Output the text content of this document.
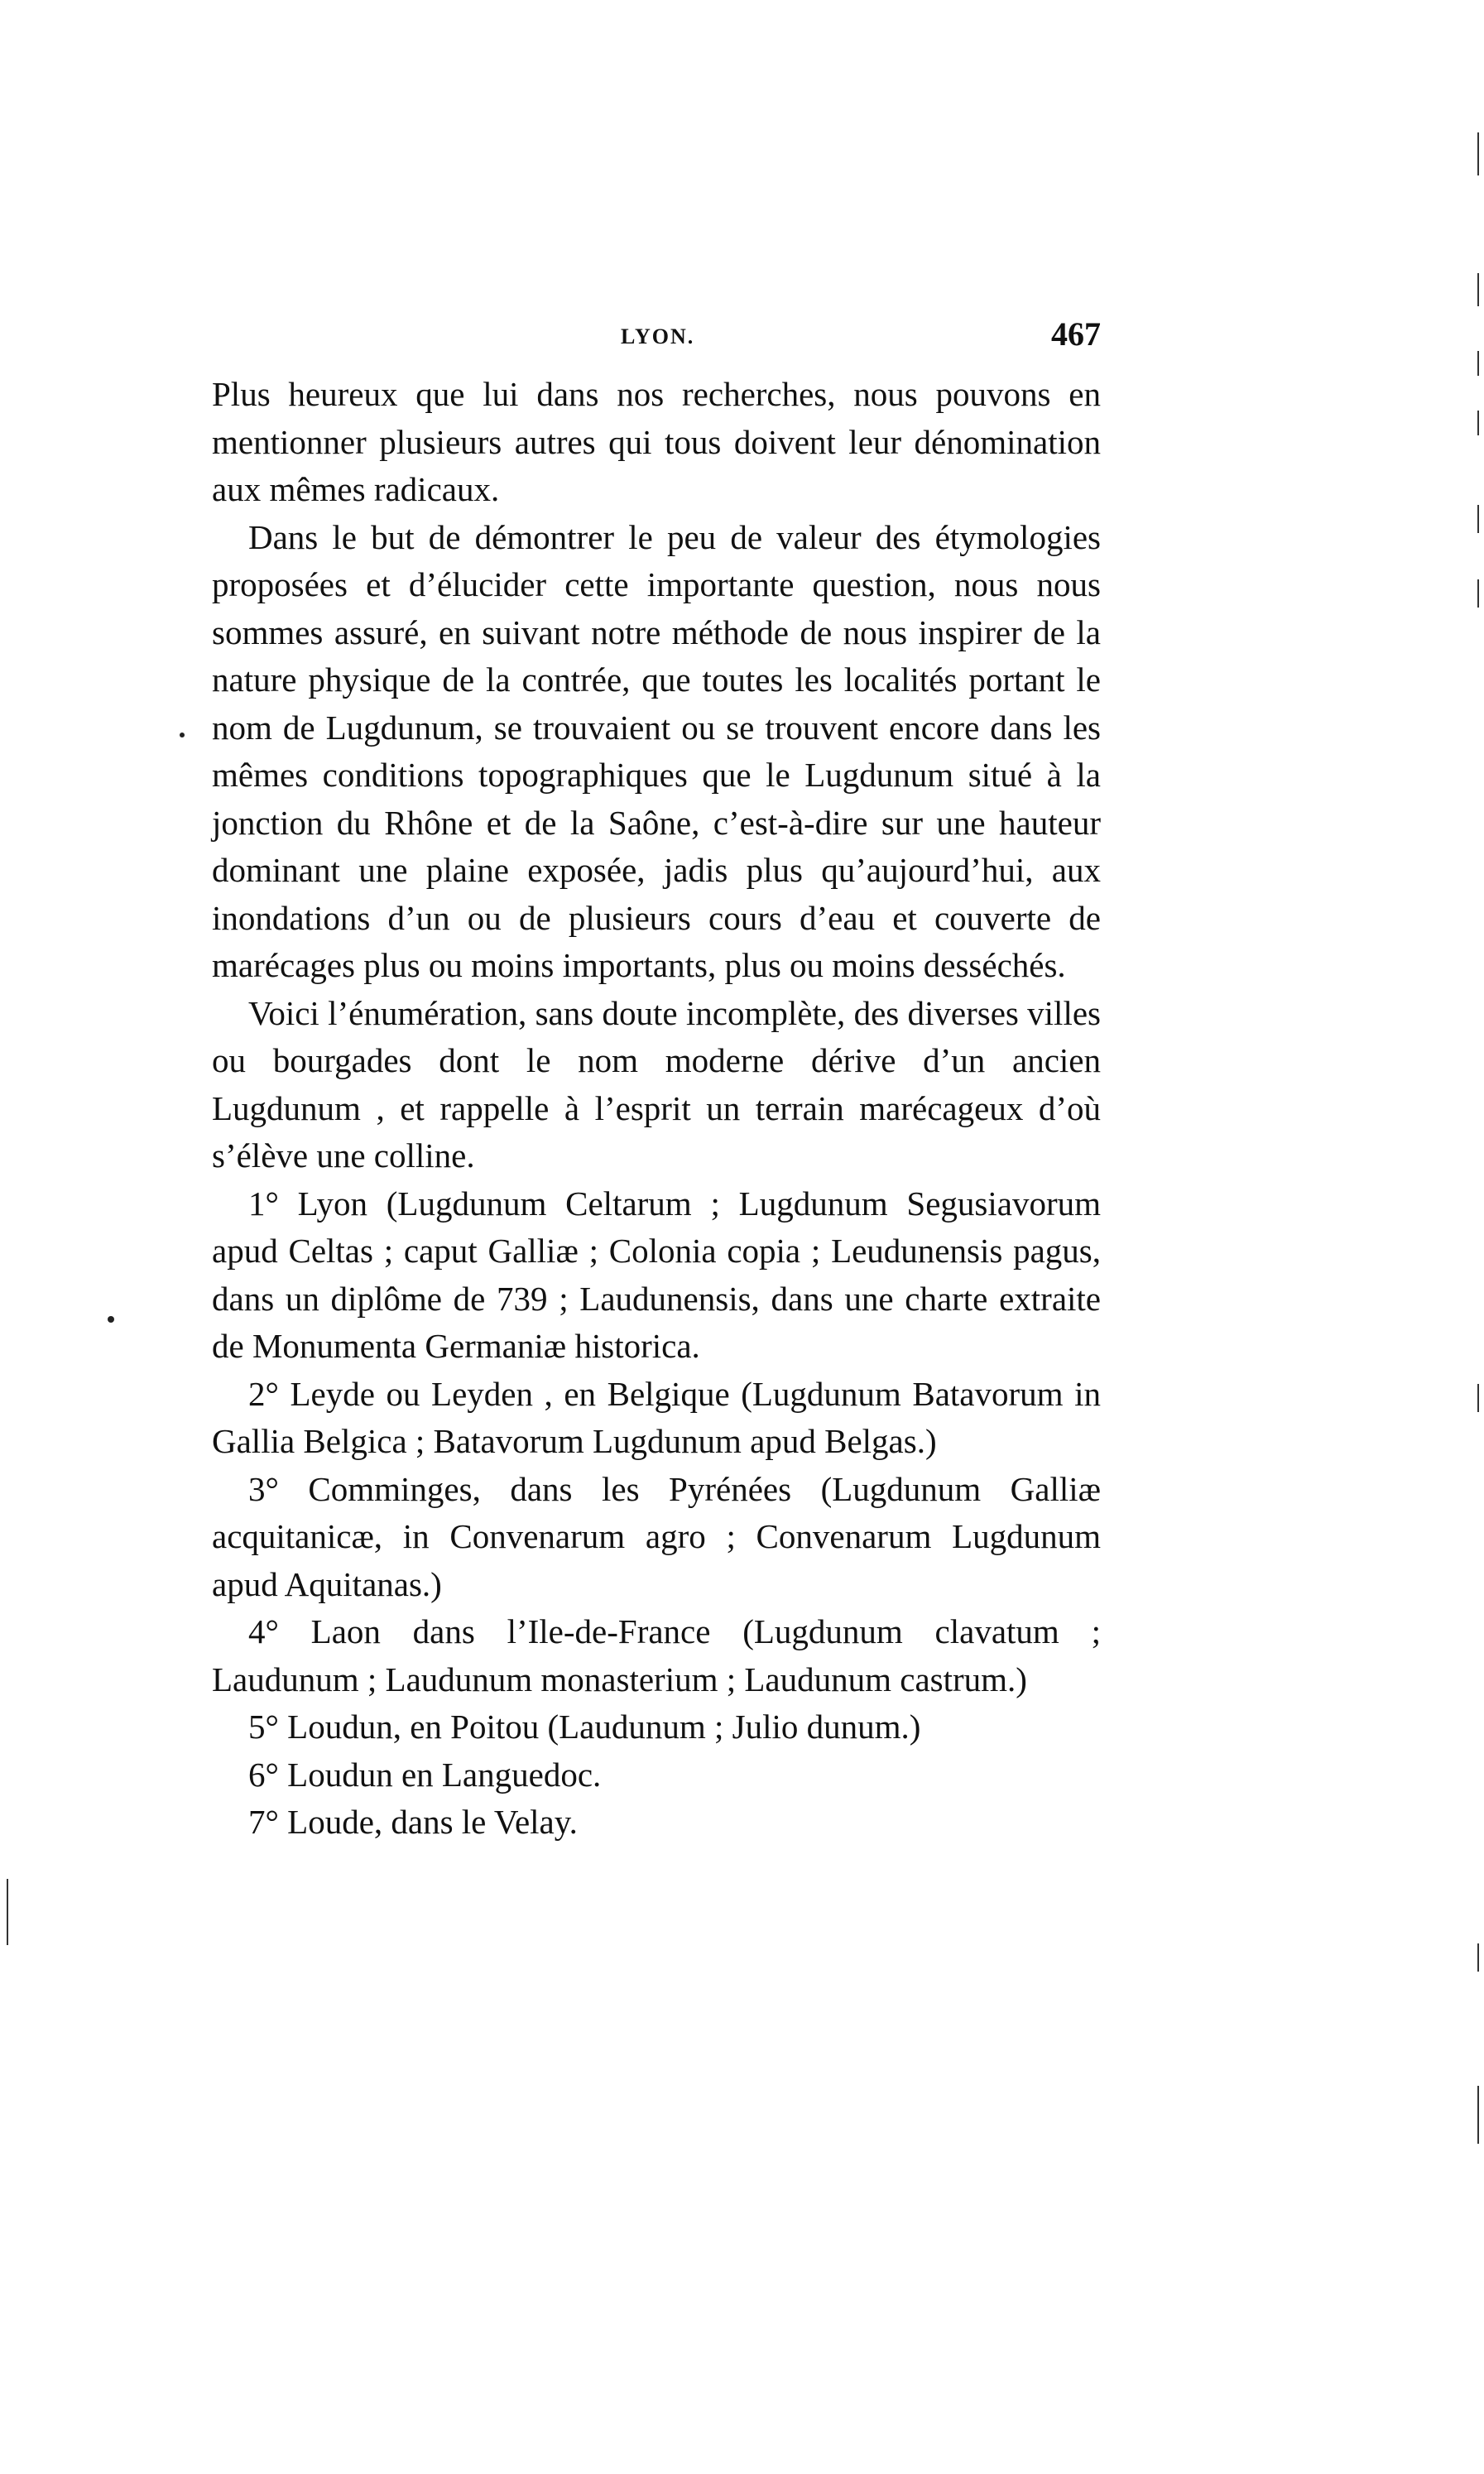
LYON.	467

Plus heureux que lui dans nos recherches, nous pouvons en mentionner plusieurs autres qui tous doivent leur dénomination aux mêmes radicaux.

Dans le but de démontrer le peu de valeur des étymologies proposées et d’élucider cette importante question, nous nous sommes assuré, en suivant notre méthode de nous inspirer de la nature physique de la contrée, que toutes les localités portant le nom de Lugdunum, se trouvaient ou se trouvent encore dans les mêmes conditions topographiques que le Lugdunum situé à la jonction du Rhône et de la Saône, c’est-à-dire sur une hauteur dominant une plaine exposée, jadis plus qu’aujourd’hui, aux inondations d’un ou de plusieurs cours d’eau et couverte de marécages plus ou moins importants, plus ou moins desséchés.

Voici l’énumération, sans doute incomplète, des diverses villes ou bourgades dont le nom moderne dérive d’un ancien Lugdunum , et rappelle à l’esprit un terrain marécageux d’où s’élève une colline.

1° Lyon (Lugdunum Celtarum ; Lugdunum Segusiavorum apud Celtas ; caput Galliæ ; Colonia copia ; Leudunensis pagus, dans un diplôme de 739 ; Laudunensis, dans une charte extraite de Monumenta Germaniæ historica.

2° Leyde ou Leyden , en Belgique (Lugdunum Batavorum in Gallia Belgica ; Batavorum Lugdunum apud Belgas.)

3° Comminges, dans les Pyrénées (Lugdunum Galliæ acquitanicæ, in Convenarum agro ; Convenarum Lugdunum apud Aquitanas.)

4° Laon dans l’Ile-de-France (Lugdunum clavatum ; Laudunum ; Laudunum monasterium ; Laudunum castrum.)

5° Loudun, en Poitou (Laudunum ; Julio dunum.)

6° Loudun en Languedoc.

7° Loude, dans le Velay.
